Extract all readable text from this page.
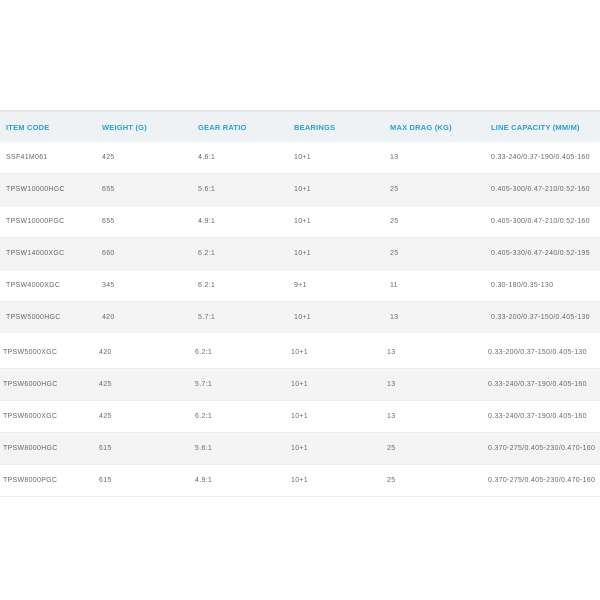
ITEM CODE	WEIGHT (G)	GEAR RATIO	BEARINGS	MAX DRAG (KG)	LINE CAPACITY (MM/M)
SSF41M061	425	4.6:1	10+1	13	0.33-240/0.37-190/0.405-160
TPSW10000HGC	655	5.6:1	10+1	25	0.405-300/0.47-210/0.52-160
TPSW10000PGC	655	4.9:1	10+1	25	0.405-300/0.47-210/0.52-160
TPSW14000XGC	660	6.2:1	10+1	25	0.405-330/0.47-240/0.52-195
TPSW4000XGC	345	6.2:1	9+1	11	0.30-180/0.35-130
TPSW5000HGC	420	5.7:1	10+1	13	0.33-200/0.37-150/0.405-130
TPSW5000XGC	420	6.2:1	10+1	13	0.33-200/0.37-150/0.405-130
TPSW6000HGC	425	5.7:1	10+1	13	0.33-240/0.37-190/0.405-160
TPSW6000XGC	425	6.2:1	10+1	13	0.33-240/0.37-190/0.405-160
TPSW8000HGC	615	5.6:1	10+1	25	0.370-275/0.405-230/0.470-160
TPSW8000PGC	615	4.9:1	10+1	25	0.370-275/0.405-230/0.470-160
